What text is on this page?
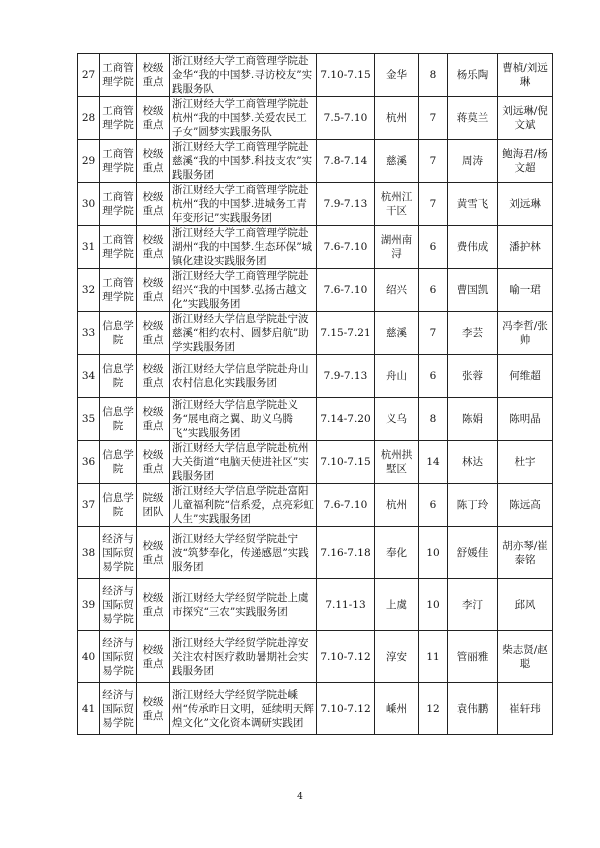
27	工商管理学院	校级重点	浙江财经大学工商管理学院赴金华“我的中国梦.寻访校友”实践服务队	7.10-7.15	金华	8	杨乐陶	曹楨/刘远琳
28	工商管理学院	校级重点	浙江财经大学工商管理学院赴杭州“我的中国梦.关爱农民工子女”圆梦实践服务队	7.5-7.10	杭州	7	蒋莫兰	刘远琳/倪文斌
29	工商管理学院	校级重点	浙江财经大学工商管理学院赴慈溪“我的中国梦.科技支农”实践服务团	7.8-7.14	慈溪	7	周涛	鲍海君/杨文超
30	工商管理学院	校级重点	浙江财经大学工商管理学院赴杭州“我的中国梦.进城务工青年变形记”实践服务团	7.9-7.13	杭州江干区	7	黄雪飞	刘远琳
31	工商管理学院	校级重点	浙江财经大学工商管理学院赴湖州“我的中国梦.生态环保”城镇化建设实践服务团	7.6-7.10	湖州南浔	6	费伟成	潘护林
32	工商管理学院	校级重点	浙江财经大学工商管理学院赴绍兴“我的中国梦.弘扬古越文化”实践服务团	7.6-7.10	绍兴	6	曹国凯	喻一珺
33	信息学院	校级重点	浙江财经大学信息学院赴宁波慈溪“相约农村、圆梦启航”助学实践服务团	7.15-7.21	慈溪	7	李芸	冯李哲/张帅
34	信息学院	校级重点	浙江财经大学信息学院赴舟山农村信息化实践服务团	7.9-7.13	舟山	6	张蓉	何维超
35	信息学院	校级重点	浙江财经大学信息学院赴义务“展电商之翼、助义乌腾飞”实践服务团	7.14-7.20	义乌	8	陈娟	陈明晶
36	信息学院	校级重点	浙江财经大学信息学院赴杭州大关街道“电脑天使进社区”实践服务团	7.10-7.15	杭州拱墅区	14	林达	杜宇
37	信息学院	院级团队	浙江财经大学信息学院赴富阳儿童福利院“信系爱，点亮彩虹人生”实践服务团	7.6-7.10	杭州	6	陈丁玲	陈远高
38	经济与国际贸易学院	校级重点	浙江财经大学经贸学院赴宁波“筑梦奉化，传递感恩”实践服务团	7.16-7.18	奉化	10	舒媛佳	胡亦琴/崔泰铭
39	经济与国际贸易学院	校级重点	浙江财经大学经贸学院赴上虞市探究“三农”实践服务团	7.11-13	上虞	10	李汀	邱风
40	经济与国际贸易学院	校级重点	浙江财经大学经贸学院赴淳安关注农村医疗救助暑期社会实践服务团	7.10-7.12	淳安	11	管丽雅	柴志贤/赵聪
41	经济与国际贸易学院	校级重点	浙江财经大学经贸学院赴嵊州“传承昨日文明，延续明天辉煌文化”文化资本调研实践团	7.10-7.12	嵊州	12	袁伟鹏	崔轩玮
4
